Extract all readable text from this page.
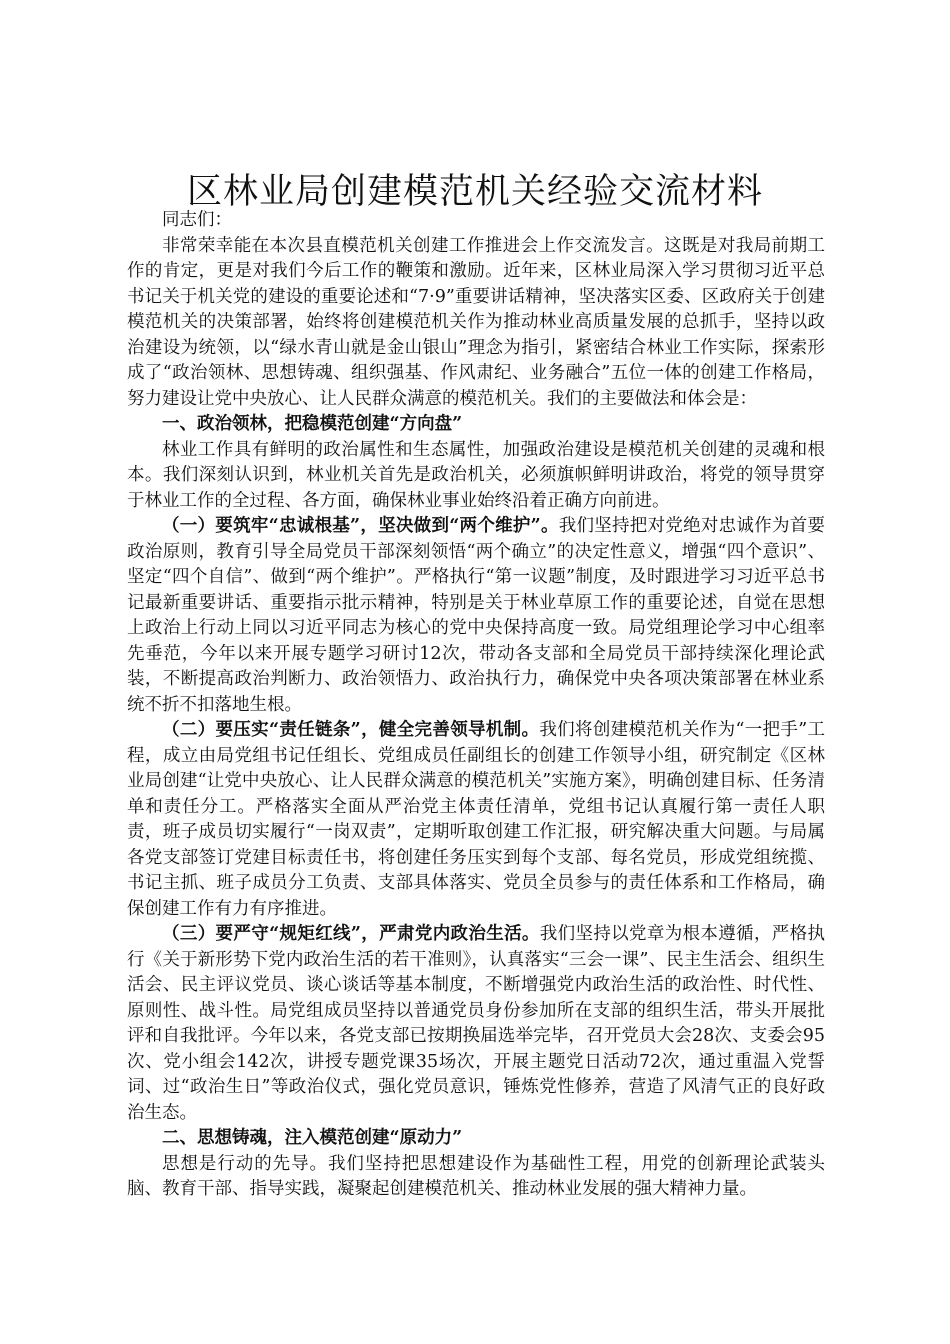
区林业局创建模范机关经验交流材料

同志们：

非常荣幸能在本次县直模范机关创建工作推进会上作交流发言。这既是对我局前期工作的肯定，更是对我们今后工作的鞭策和激励。近年来，区林业局深入学习贯彻习近平总书记关于机关党的建设的重要论述和“7·9”重要讲话精神，坚决落实区委、区政府关于创建模范机关的决策部署，始终将创建模范机关作为推动林业高质量发展的总抓手，坚持以政治建设为统领，以“绿水青山就是金山银山”理念为指引，紧密结合林业工作实际，探索形成了“政治领林、思想铸魂、组织强基、作风肃纪、业务融合”五位一体的创建工作格局，努力建设让党中央放心、让人民群众满意的模范机关。我们的主要做法和体会是：

一、政治领林，把稳模范创建“方向盘”

林业工作具有鲜明的政治属性和生态属性，加强政治建设是模范机关创建的灵魂和根本。我们深刻认识到，林业机关首先是政治机关，必须旗帜鲜明讲政治，将党的领导贯穿于林业工作的全过程、各方面，确保林业事业始终沿着正确方向前进。

（一）要筑牢“忠诚根基”，坚决做到“两个维护”。我们坚持把对党绝对忠诚作为首要政治原则，教育引导全局党员干部深刻领悟“两个确立”的决定性意义，增强“四个意识”、坚定“四个自信”、做到“两个维护”。严格执行“第一议题”制度，及时跟进学习习近平总书记最新重要讲话、重要指示批示精神，特别是关于林业草原工作的重要论述，自觉在思想上政治上行动上同以习近平同志为核心的党中央保持高度一致。局党组理论学习中心组率先垂范，今年以来开展专题学习研讨12次，带动各支部和全局党员干部持续深化理论武装，不断提高政治判断力、政治领悟力、政治执行力，确保党中央各项决策部署在林业系统不折不扣落地生根。

（二）要压实“责任链条”，健全完善领导机制。我们将创建模范机关作为“一把手”工程，成立由局党组书记任组长、党组成员任副组长的创建工作领导小组，研究制定《区林业局创建“让党中央放心、让人民群众满意的模范机关”实施方案》，明确创建目标、任务清单和责任分工。严格落实全面从严治党主体责任清单，党组书记认真履行第一责任人职责，班子成员切实履行“一岗双责”，定期听取创建工作汇报，研究解决重大问题。与局属各党支部签订党建目标责任书，将创建任务压实到每个支部、每名党员，形成党组统揽、书记主抓、班子成员分工负责、支部具体落实、党员全员参与的责任体系和工作格局，确保创建工作有力有序推进。

（三）要严守“规矩红线”，严肃党内政治生活。我们坚持以党章为根本遵循，严格执行《关于新形势下党内政治生活的若干准则》，认真落实“三会一课”、民主生活会、组织生活会、民主评议党员、谈心谈话等基本制度，不断增强党内政治生活的政治性、时代性、原则性、战斗性。局党组成员坚持以普通党员身份参加所在支部的组织生活，带头开展批评和自我批评。今年以来，各党支部已按期换届选举完毕，召开党员大会28次、支委会95次、党小组会142次，讲授专题党课35场次，开展主题党日活动72次，通过重温入党誓词、过“政治生日”等政治仪式，强化党员意识，锤炼党性修养，营造了风清气正的良好政治生态。

二、思想铸魂，注入模范创建“原动力”

思想是行动的先导。我们坚持把思想建设作为基础性工程，用党的创新理论武装头脑、教育干部、指导实践，凝聚起创建模范机关、推动林业发展的强大精神力量。
